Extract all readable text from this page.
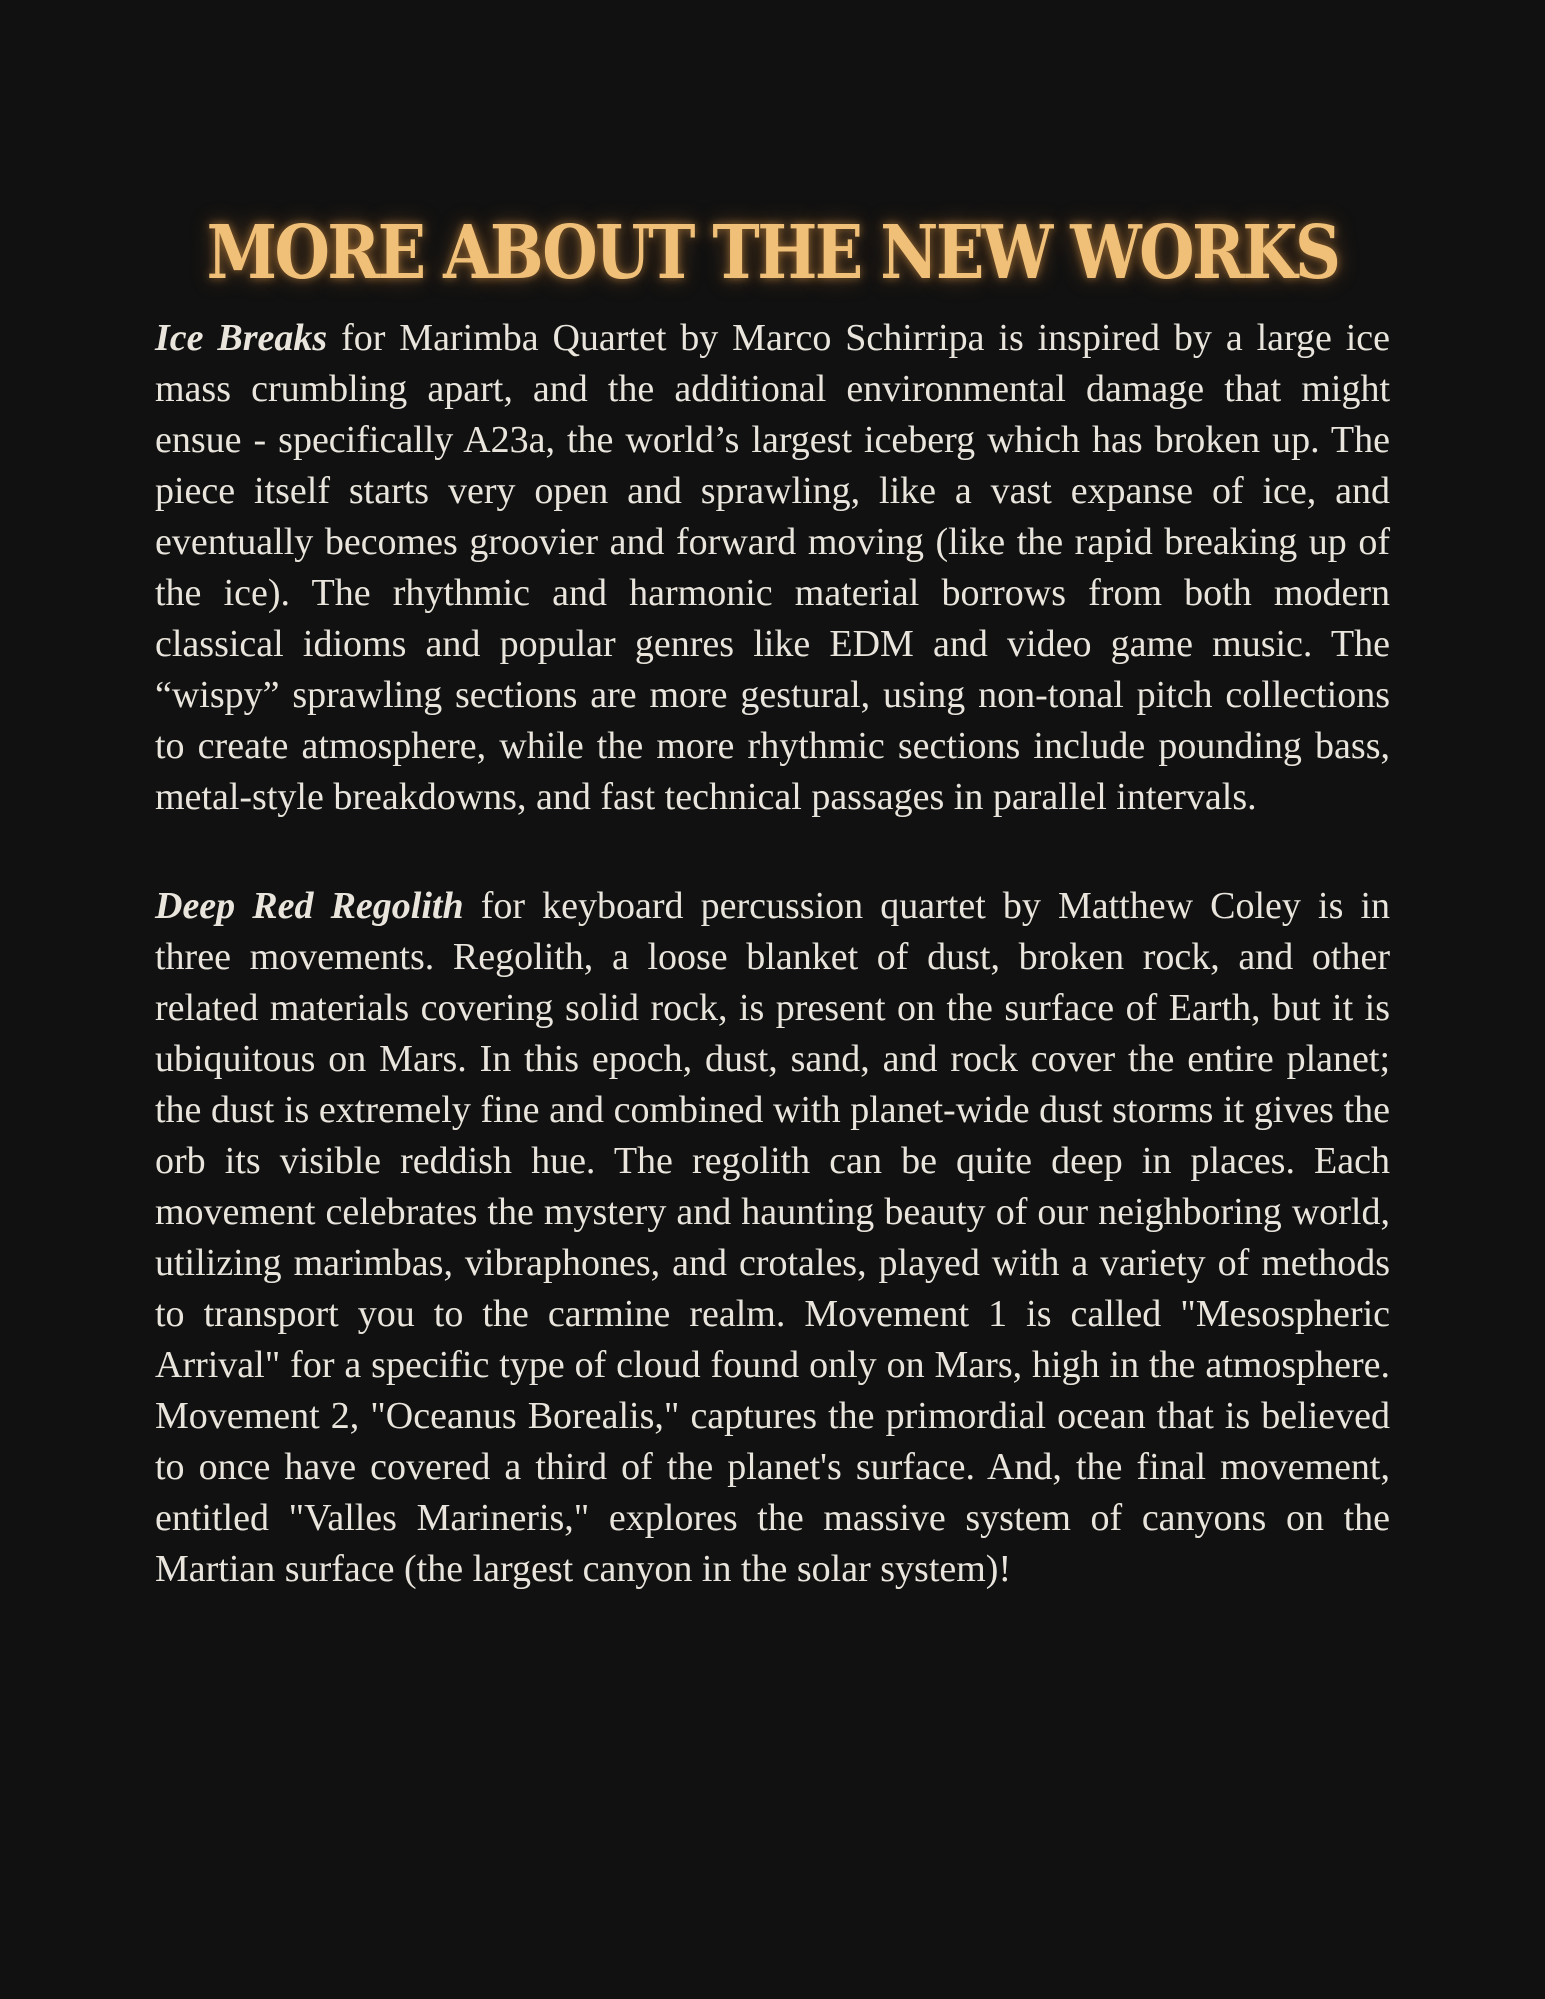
MORE ABOUT THE NEW WORKS

Ice Breaks for Marimba Quartet by Marco Schirripa is inspired by a large ice mass crumbling apart, and the additional environmental damage that might ensue - specifically A23a, the world’s largest iceberg which has broken up. The piece itself starts very open and sprawling, like a vast expanse of ice, and eventually becomes groovier and forward moving (like the rapid breaking up of the ice). The rhythmic and harmonic material borrows from both modern classical idioms and popular genres like EDM and video game music. The “wispy” sprawling sections are more gestural, using non-tonal pitch collections to create atmosphere, while the more rhythmic sections include pounding bass, metal-style breakdowns, and fast technical passages in parallel intervals.

Deep Red Regolith for keyboard percussion quartet by Matthew Coley is in three movements. Regolith, a loose blanket of dust, broken rock, and other related materials covering solid rock, is present on the surface of Earth, but it is ubiquitous on Mars. In this epoch, dust, sand, and rock cover the entire planet; the dust is extremely fine and combined with planet-wide dust storms it gives the orb its visible reddish hue. The regolith can be quite deep in places. Each movement celebrates the mystery and haunting beauty of our neighboring world, utilizing marimbas, vibraphones, and crotales, played with a variety of methods to transport you to the carmine realm. Movement 1 is called "Mesospheric Arrival" for a specific type of cloud found only on Mars, high in the atmosphere. Movement 2, "Oceanus Borealis," captures the primordial ocean that is believed to once have covered a third of the planet's surface. And, the final movement, entitled "Valles Marineris," explores the massive system of canyons on the Martian surface (the largest canyon in the solar system)!
